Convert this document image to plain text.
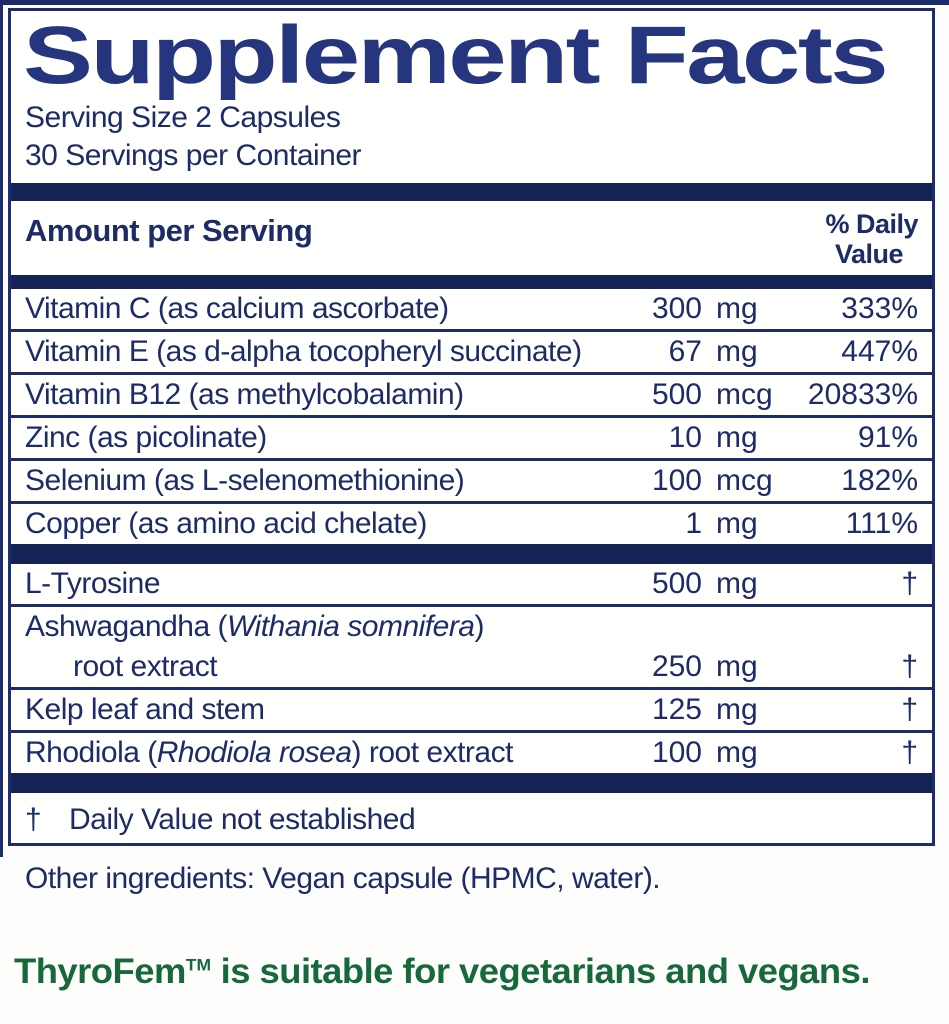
Supplement Facts
Serving Size 2 Capsules
30 Servings per Container
Amount per Serving	% Daily
Value
Vitamin C (as calcium ascorbate)	300 mg	333%
Vitamin E (as d-alpha tocopheryl succinate)	67 mg	447%
Vitamin B12 (as methylcobalamin)	500 mcg	20833%
Zinc (as picolinate)	10 mg	91%
Selenium (as L-selenomethionine)	100 mcg	182%
Copper (as amino acid chelate)	1 mg	111%
L-Tyrosine	500 mg	†
Ashwagandha (Withania somnifera)
root extract	250 mg	†
Kelp leaf and stem	125 mg	†
Rhodiola (Rhodiola rosea) root extract	100 mg	†
† Daily Value not established
Other ingredients: Vegan capsule (HPMC, water).
ThyroFem™ is suitable for vegetarians and vegans.
